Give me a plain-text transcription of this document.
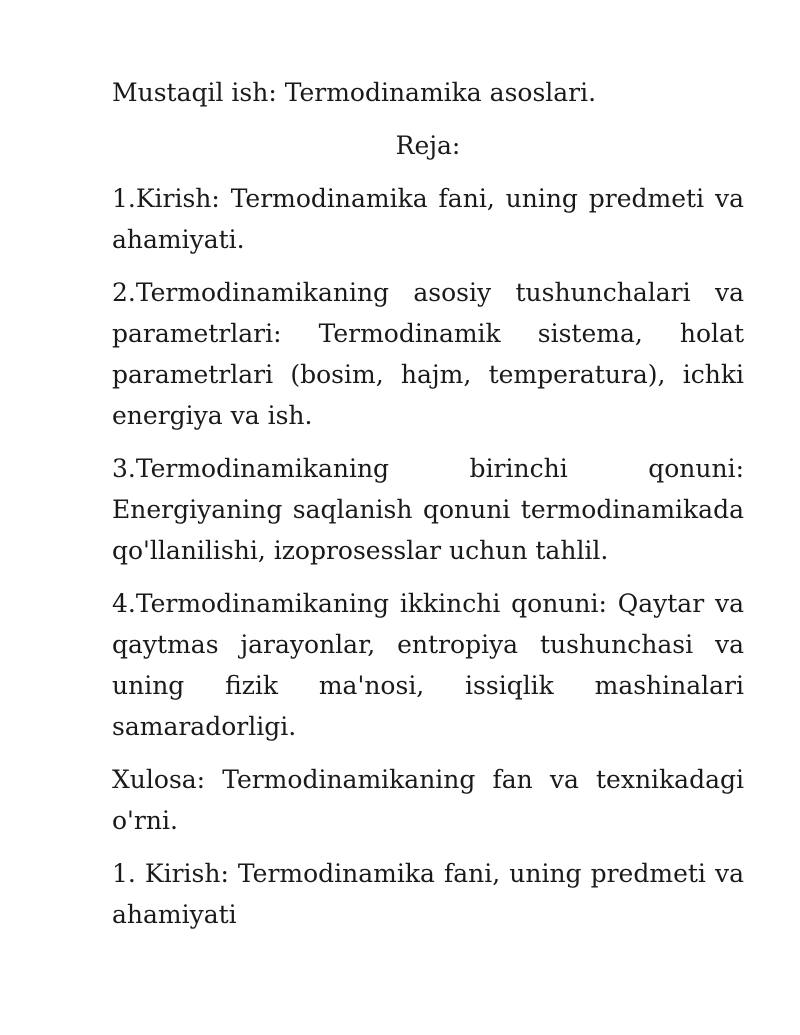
Mustaqil ish: Termodinamika asoslari.

Reja:

1.Kirish: Termodinamika fani, uning predmeti va ahamiyati.

2.Termodinamikaning asosiy tushunchalari va parametrlari: Termodinamik sistema, holat parametrlari (bosim, hajm, temperatura), ichki energiya va ish.

3.Termodinamikaning birinchi qonuni: Energiyaning saqlanish qonuni termodinamikada qo'llanilishi, izoprosesslar uchun tahlil.

4.Termodinamikaning ikkinchi qonuni: Qaytar va qaytmas jarayonlar, entropiya tushunchasi va uning fizik ma'nosi, issiqlik mashinalari samaradorligi.

Xulosa: Termodinamikaning fan va texnikadagi o'rni.

1. Kirish: Termodinamika fani, uning predmeti va ahamiyati
